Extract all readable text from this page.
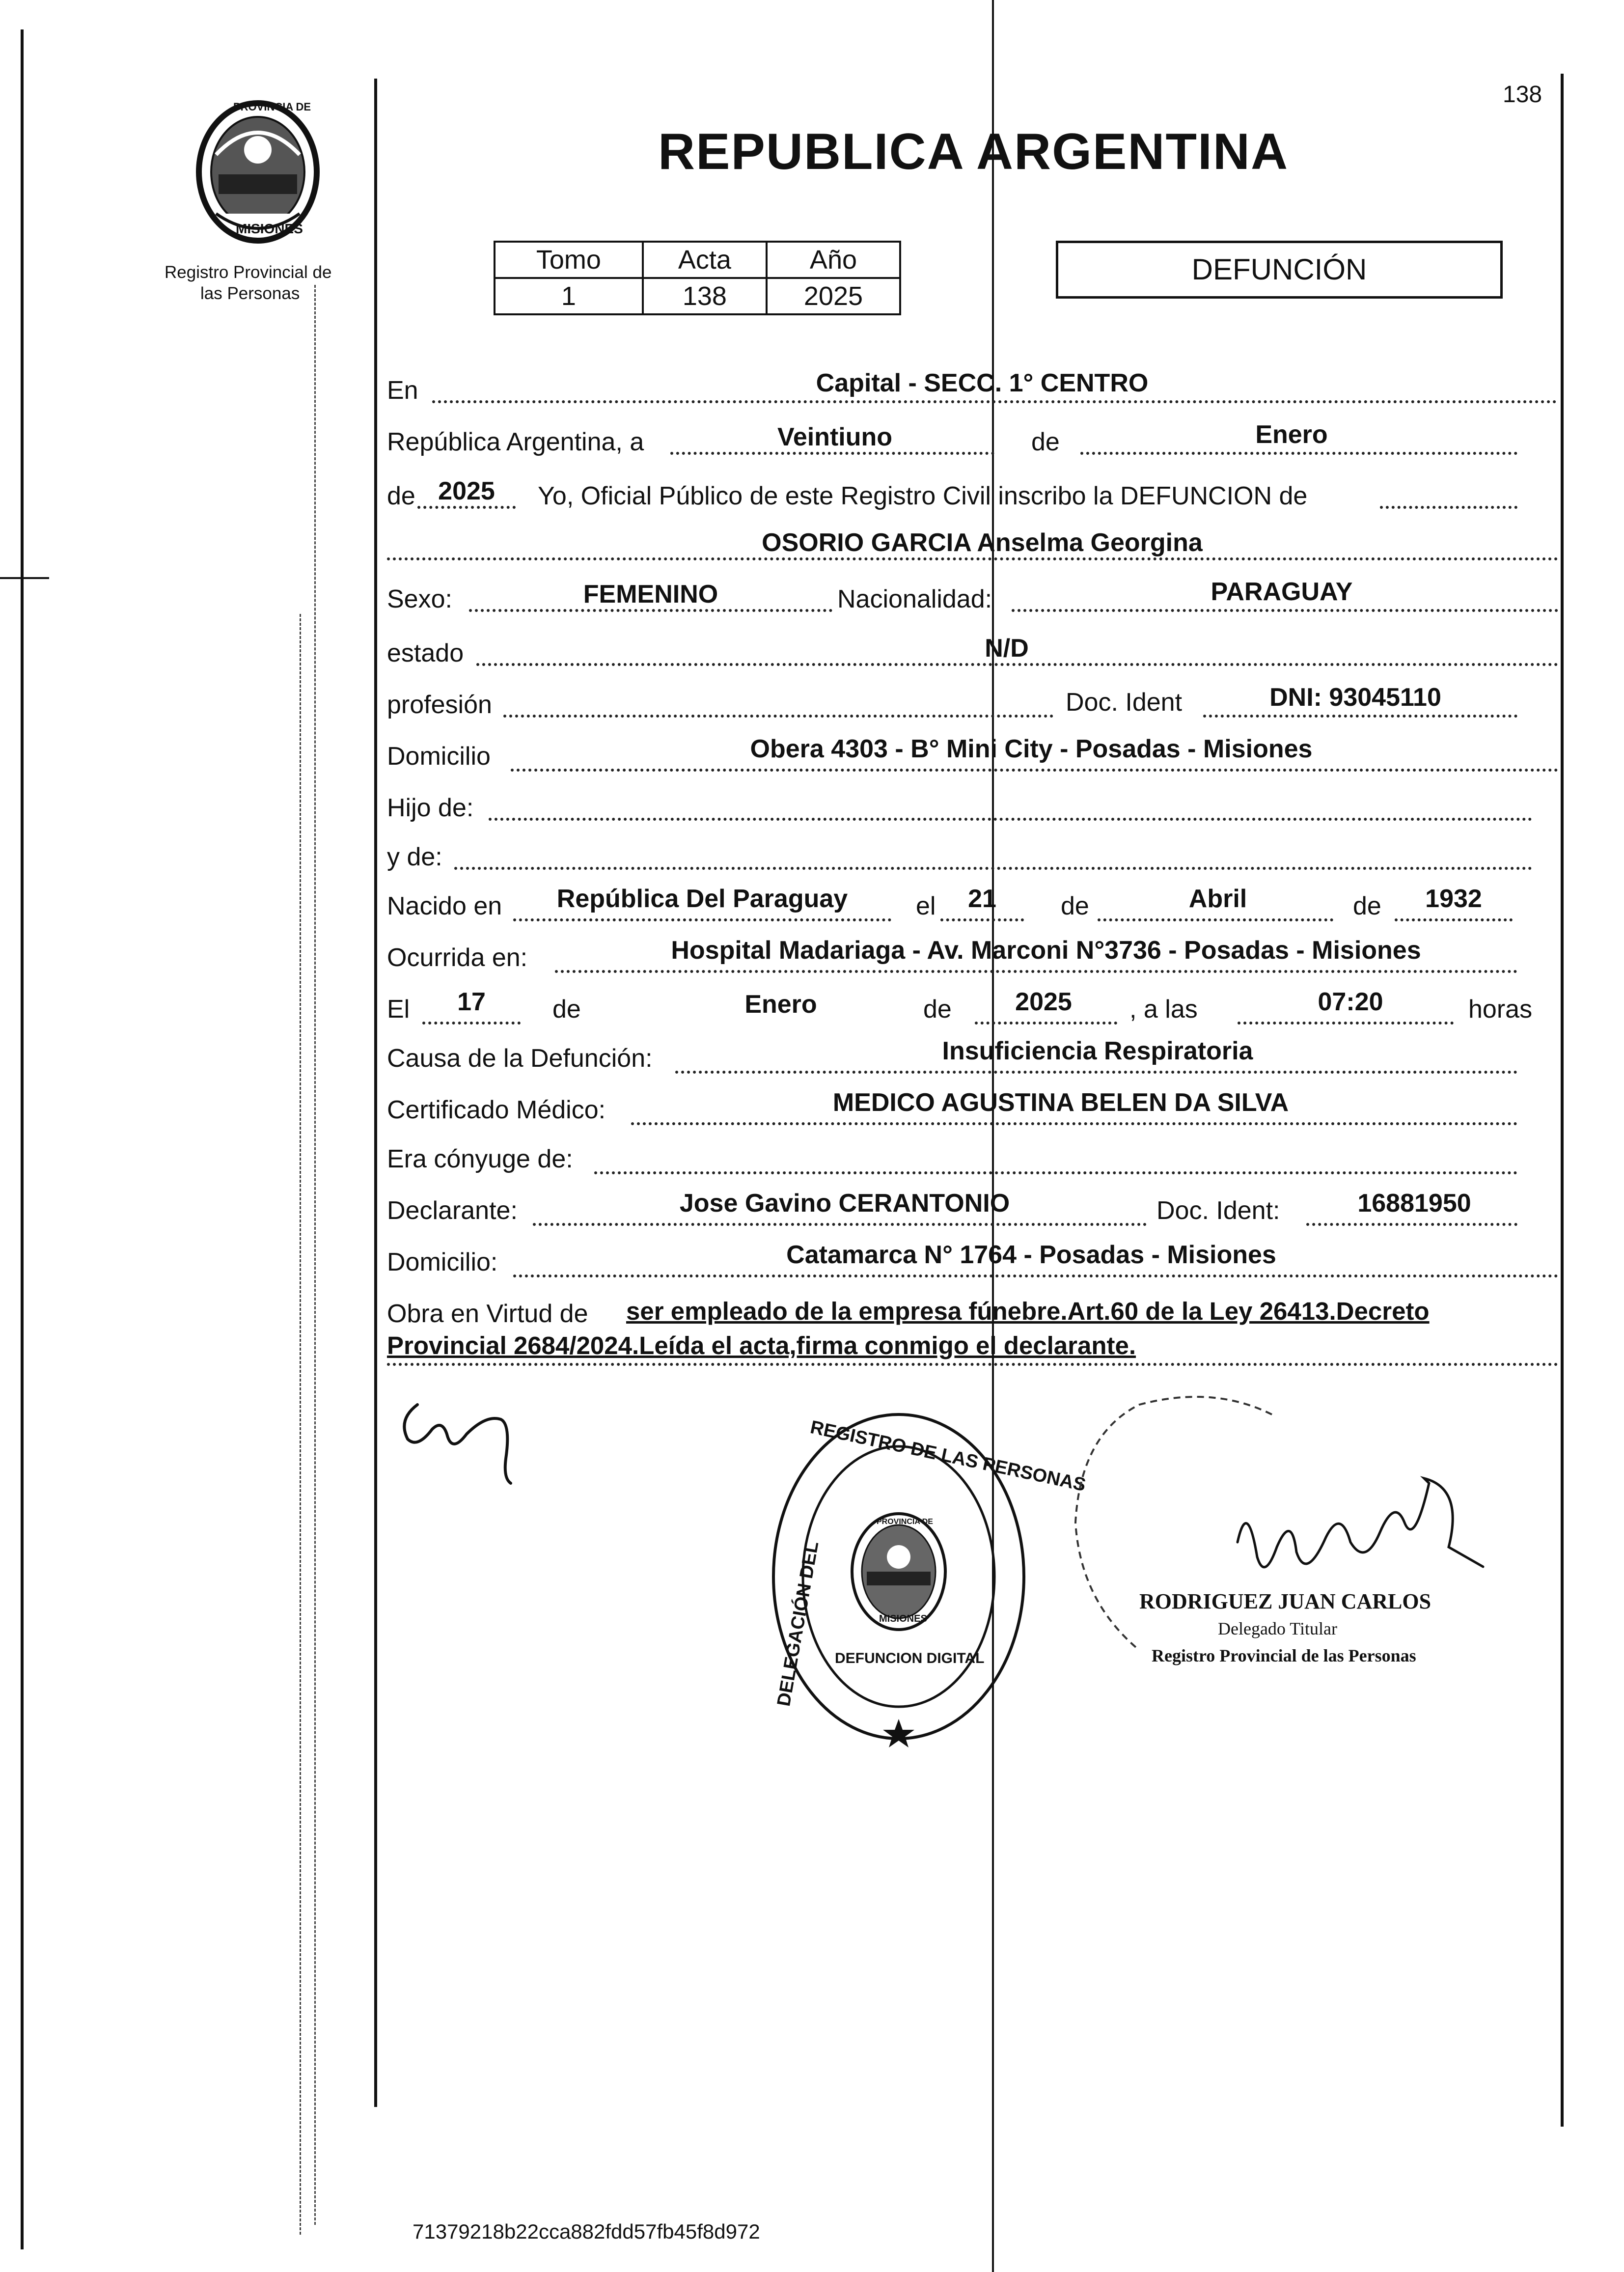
138
PROVINCIA DE
MISIONES
Registro Provincial de
las Personas
REPUBLICA ARGENTINA
Tomo	Acta	Año
1	138	2025
DEFUNCIÓN
En	Capital - SECC. 1° CENTRO
República Argentina, a	Veintiuno	de	Enero
de 2025	Yo, Oficial Público de este Registro Civil inscribo la DEFUNCION de
OSORIO GARCIA Anselma Georgina
Sexo:	FEMENINO	Nacionalidad:	PARAGUAY
estado	N/D
profesión	Doc. Ident	DNI: 93045110
Domicilio	Obera 4303 - B° Mini City - Posadas - Misiones
Hijo de:
y de:
Nacido en	República Del Paraguay	el	21	de	Abril	de	1932
Ocurrida en:	Hospital Madariaga - Av. Marconi N°3736 - Posadas - Misiones
El	17	de	Enero	de	2025	, a las	07:20	horas
Causa de la Defunción:	Insuficiencia Respiratoria
Certificado Médico:	MEDICO AGUSTINA BELEN DA SILVA
Era cónyuge de:
Declarante:	Jose Gavino CERANTONIO	Doc. Ident:	16881950
Domicilio:	Catamarca N° 1764 - Posadas - Misiones
Obra en Virtud de ser empleado de la empresa fúnebre.Art.60 de la Ley 26413.Decreto
Provincial 2684/2024.Leída el acta,firma conmigo el declarante.
REGISTRO DE LAS PERSONAS
DELEGACIÓN DEL DEFUNCION DIGITAL
PROVINCIA DE
MISIONES
RODRIGUEZ JUAN CARLOS
Delegado Titular
Registro Provincial de las Personas
71379218b22cca882fdd57fb45f8d972
